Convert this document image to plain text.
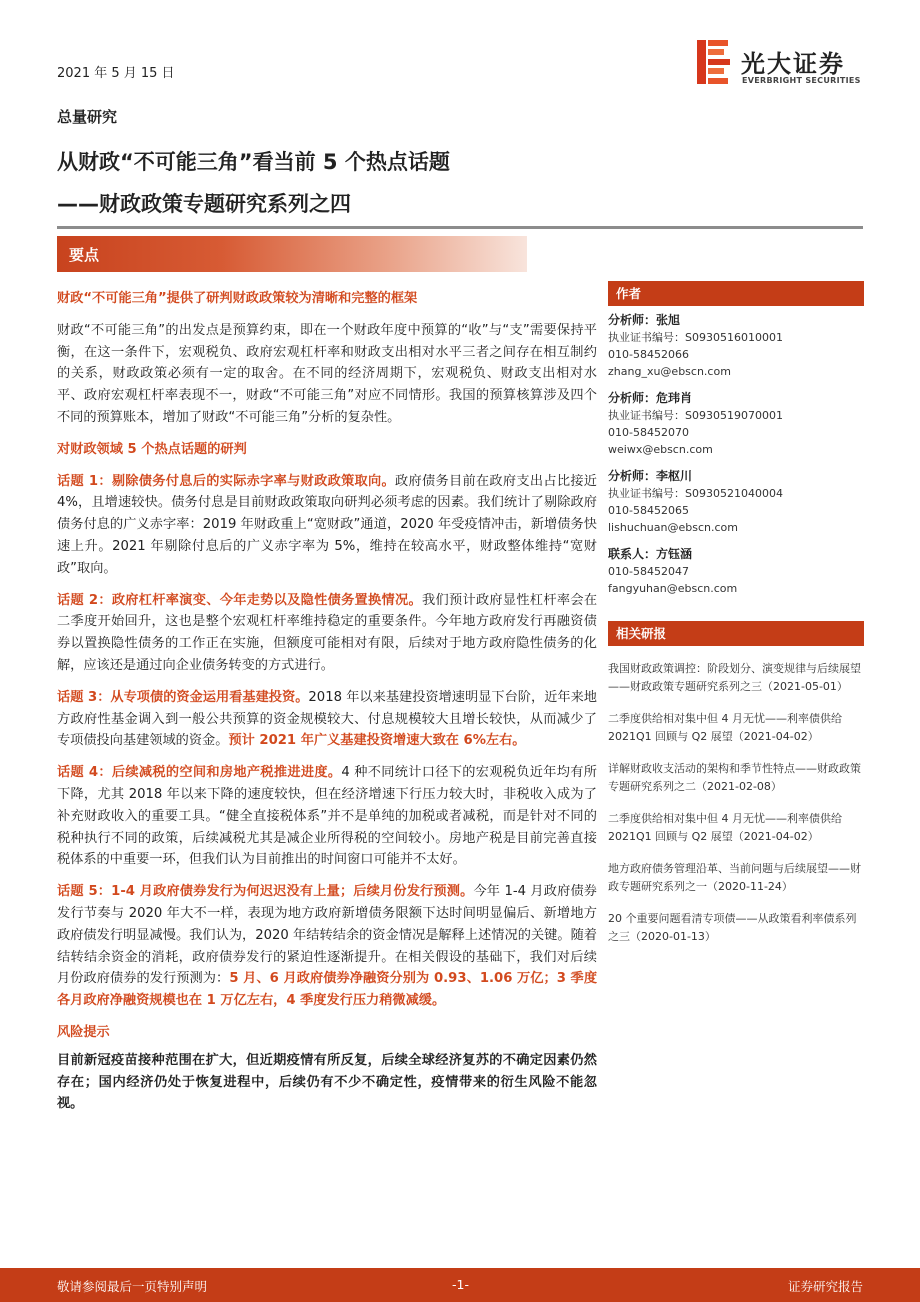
2021 年 5 月 15 日	光大证券
EVERBRIGHT SECURITIES
总量研究
从财政“不可能三角”看当前 5 个热点话题
——财政政策专题研究系列之四
要点

财政“不可能三角”提供了研判财政政策较为清晰和完整的框架

财政“不可能三角”的出发点是预算约束，即在一个财政年度中预算的“收”与“支”需要保持平衡，在这一条件下，宏观税负、政府宏观杠杆率和财政支出相对水平三者之间存在相互制约的关系，财政政策必须有一定的取舍。在不同的经济周期下，宏观税负、财政支出相对水平、政府宏观杠杆率表现不一，财政“不可能三角”对应不同情形。我国的预算核算涉及四个不同的预算账本，增加了财政“不可能三角”分析的复杂性。

对财政领域 5 个热点话题的研判

话题 1：剔除债务付息后的实际赤字率与财政政策取向。政府债务目前在政府支出占比接近 4%，且增速较快。债务付息是目前财政政策取向研判必须考虑的因素。我们统计了剔除政府债务付息的广义赤字率：2019 年财政重上“宽财政”通道，2020 年受疫情冲击，新增债务快速上升。2021 年剔除付息后的广义赤字率为 5%，维持在较高水平，财政整体维持“宽财政”取向。

话题 2：政府杠杆率演变、今年走势以及隐性债务置换情况。我们预计政府显性杠杆率会在二季度开始回升，这也是整个宏观杠杆率维持稳定的重要条件。今年地方政府发行再融资债券以置换隐性债务的工作正在实施，但额度可能相对有限，后续对于地方政府隐性债务的化解，应该还是通过向企业债务转变的方式进行。

话题 3：从专项债的资金运用看基建投资。2018 年以来基建投资增速明显下台阶，近年来地方政府性基金调入到一般公共预算的资金规模较大、付息规模较大且增长较快，从而减少了专项债投向基建领域的资金。预计 2021 年广义基建投资增速大致在 6%左右。

话题 4：后续减税的空间和房地产税推进进度。4 种不同统计口径下的宏观税负近年均有所下降，尤其 2018 年以来下降的速度较快，但在经济增速下行压力较大时，非税收入成为了补充财政收入的重要工具。“健全直接税体系”并不是单纯的加税或者减税，而是针对不同的税种执行不同的政策，后续减税尤其是减企业所得税的空间较小。房地产税是目前完善直接税体系的中重要一环，但我们认为目前推出的时间窗口可能并不太好。

话题 5：1-4 月政府债券发行为何迟迟没有上量；后续月份发行预测。今年 1-4 月政府债券发行节奏与 2020 年大不一样，表现为地方政府新增债务限额下达时间明显偏后、新增地方政府债发行明显减慢。我们认为，2020 年结转结余的资金情况是解释上述情况的关键。随着结转结余资金的消耗，政府债券发行的紧迫性逐渐提升。在相关假设的基础下，我们对后续月份政府债券的发行预测为：5 月、6 月政府债券净融资分别为 0.93、1.06 万亿；3 季度各月政府净融资规模也在 1 万亿左右，4 季度发行压力稍微减缓。

风险提示

目前新冠疫苗接种范围在扩大，但近期疫情有所反复，后续全球经济复苏的不确定因素仍然存在；国内经济仍处于恢复进程中，后续仍有不少不确定性，疫情带来的衍生风险不能忽视。

作者
分析师：张旭
执业证书编号：S0930516010001
010-58452066
zhang_xu@ebscn.com
分析师：危玮肖
执业证书编号：S0930519070001
010-58452070
weiwx@ebscn.com
分析师：李枢川
执业证书编号：S0930521040004
010-58452065
lishuchuan@ebscn.com
联系人：方钰涵
010-58452047
fangyuhan@ebscn.com
相关研报
我国财政政策调控：阶段划分、演变规律与后续展望——财政政策专题研究系列之三（2021-05-01）
二季度供给相对集中但 4 月无忧——利率债供给 2021Q1 回顾与 Q2 展望（2021-04-02）
详解财政收支活动的架构和季节性特点——财政政策专题研究系列之二（2021-02-08）
二季度供给相对集中但 4 月无忧——利率债供给 2021Q1 回顾与 Q2 展望（2021-04-02）
地方政府债务管理沿革、当前问题与后续展望——财政专题研究系列之一（2020-11-24）
20 个重要问题看清专项债——从政策看利率债系列之三（2020-01-13）
敬请参阅最后一页特别声明	-1-	证券研究报告
